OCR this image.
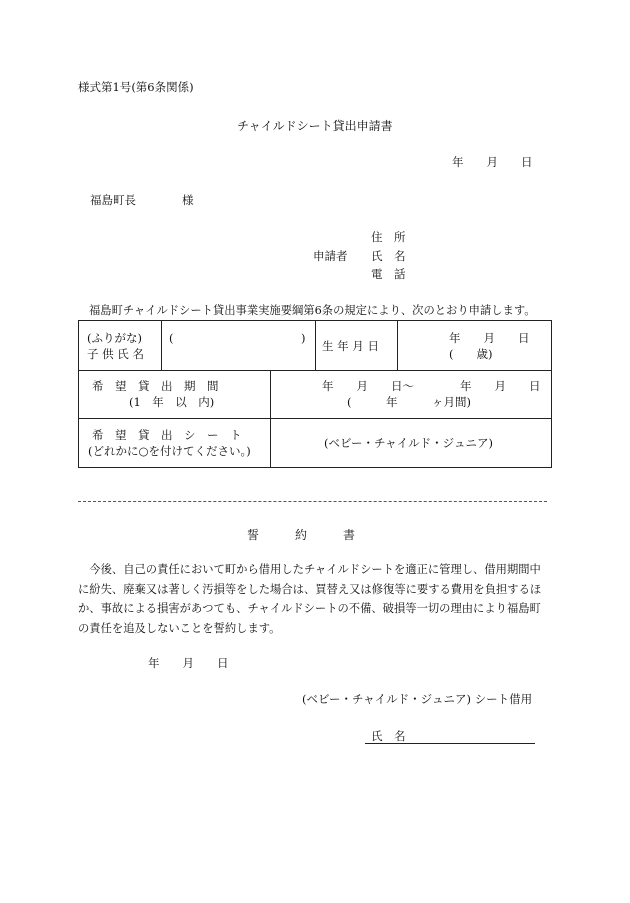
様式第1号(第6条関係)
チャイルドシート貸出申請書
年　　月　　日
福島町長　　　　様
申請者
住　所
氏　名
電　話
福島町チャイルドシート貸出事業実施要綱第6条の規定により、次のとおり申請します。
(ふりがな)
子 供 氏 名
(	)
生 年 月 日
年　　月　　日
(　　歳)
希　望　貸　出　期　間
(1　年　以　内)
年　　月　　日〜　　　　年　　月　　日
(　　　年　　　ヶ月間)
希　望　貸　出　シ　ー　ト
(どれかに○を付けてください。)
(ベビー・チャイルド・ジュニア)
誓　　　約　　　書
今後、自己の責任において町から借用したチャイルドシートを適正に管理し、借用期間中に紛失、廃棄又は著しく汚損等をした場合は、買替え又は修復等に要する費用を負担するほか、事故による損害があつても、チャイルドシートの不備、破損等一切の理由により福島町の責任を追及しないことを誓約します。
年　　月　　日
(ベビー・チャイルド・ジュニア) シート借用
氏　名
